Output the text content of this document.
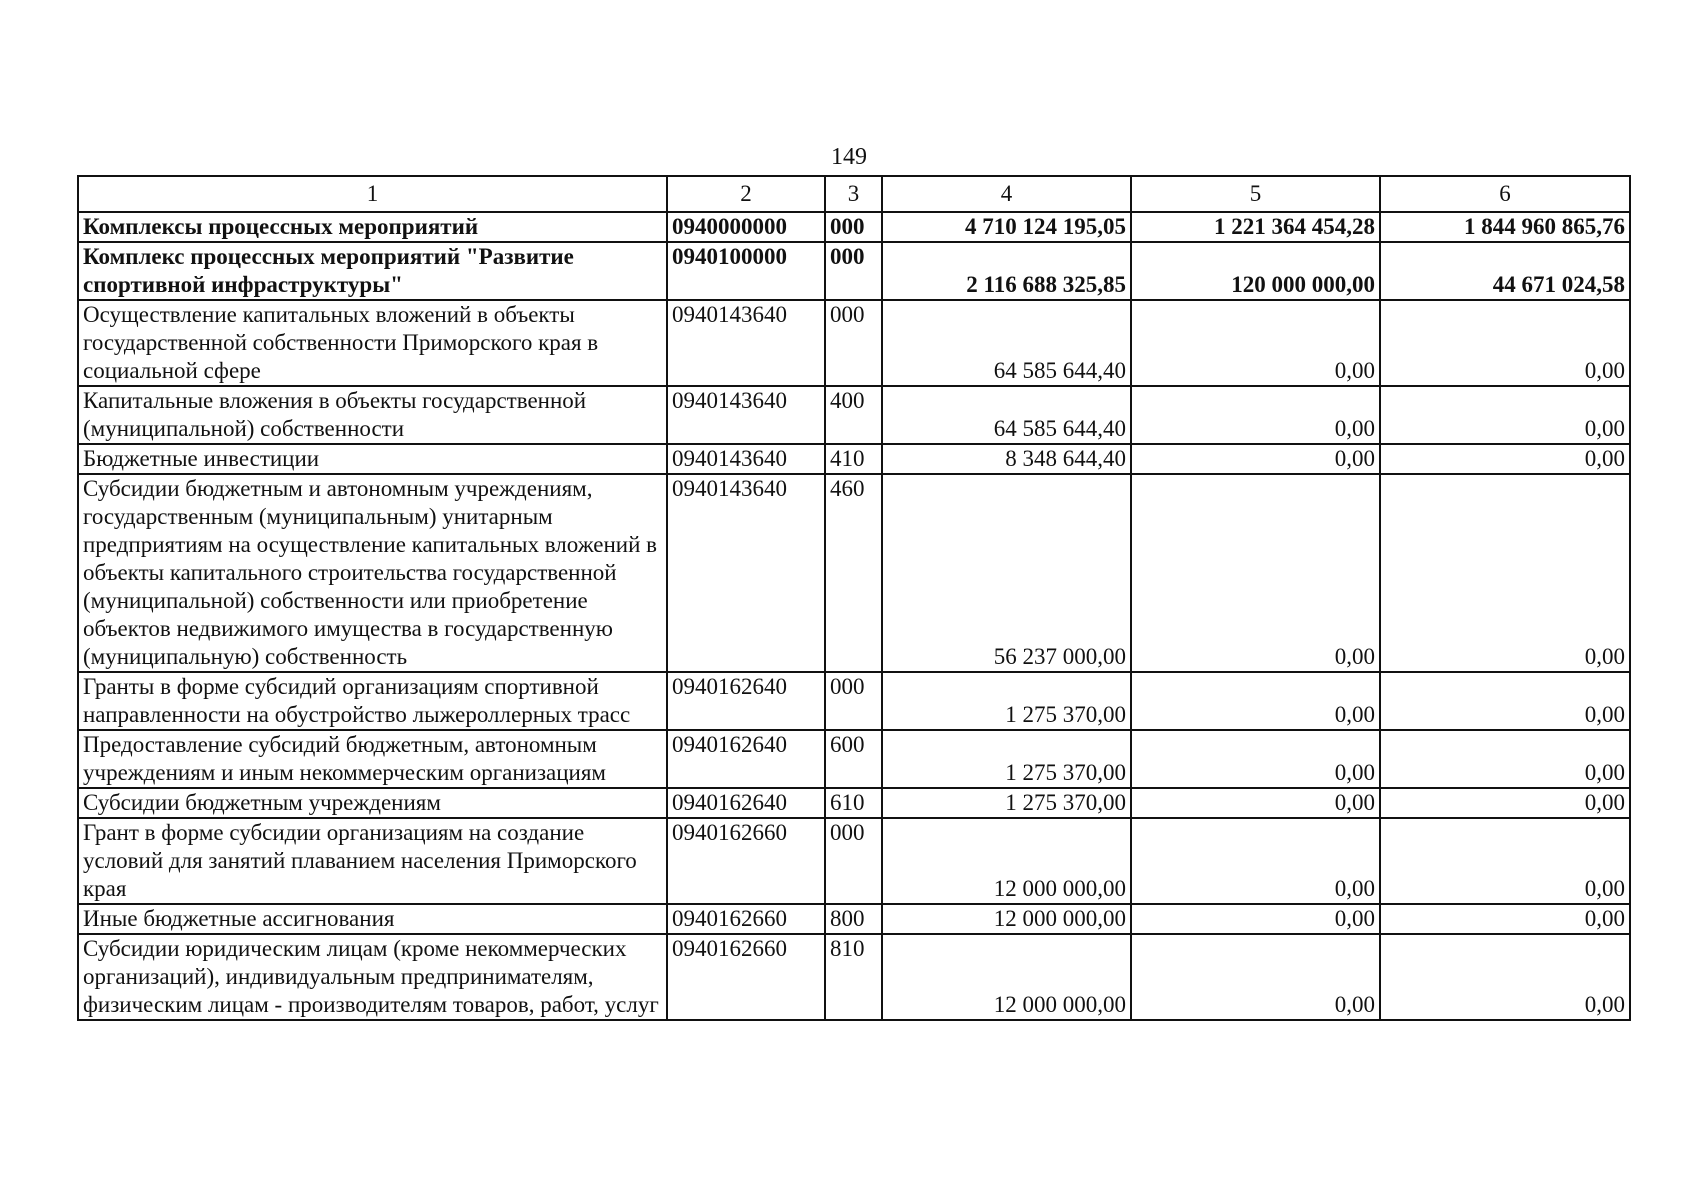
149
1	2	3	4	5	6
Комплексы процессных мероприятий	0940000000	000	4 710 124 195,05	1 221 364 454,28	1 844 960 865,76
Комплекс процессных мероприятий "Развитие спортивной инфраструктуры"	0940100000	000	2 116 688 325,85	120 000 000,00	44 671 024,58
Осуществление капитальных вложений в объекты государственной собственности Приморского края в социальной сфере	0940143640	000	64 585 644,40	0,00	0,00
Капитальные вложения в объекты государственной (муниципальной) собственности	0940143640	400	64 585 644,40	0,00	0,00
Бюджетные инвестиции	0940143640	410	8 348 644,40	0,00	0,00
Субсидии бюджетным и автономным учреждениям, государственным (муниципальным) унитарным предприятиям на осуществление капитальных вложений в объекты капитального строительства государственной (муниципальной) собственности или приобретение объектов недвижимого имущества в государственную (муниципальную) собственность	0940143640	460	56 237 000,00	0,00	0,00
Гранты в форме субсидий организациям спортивной направленности на обустройство лыжероллерных трасс	0940162640	000	1 275 370,00	0,00	0,00
Предоставление субсидий бюджетным, автономным учреждениям и иным некоммерческим организациям	0940162640	600	1 275 370,00	0,00	0,00
Субсидии бюджетным учреждениям	0940162640	610	1 275 370,00	0,00	0,00
Грант в форме субсидии организациям на создание условий для занятий плаванием населения Приморского края	0940162660	000	12 000 000,00	0,00	0,00
Иные бюджетные ассигнования	0940162660	800	12 000 000,00	0,00	0,00
Субсидии юридическим лицам (кроме некоммерческих организаций), индивидуальным предпринимателям, физическим лицам - производителям товаров, работ, услуг	0940162660	810	12 000 000,00	0,00	0,00
